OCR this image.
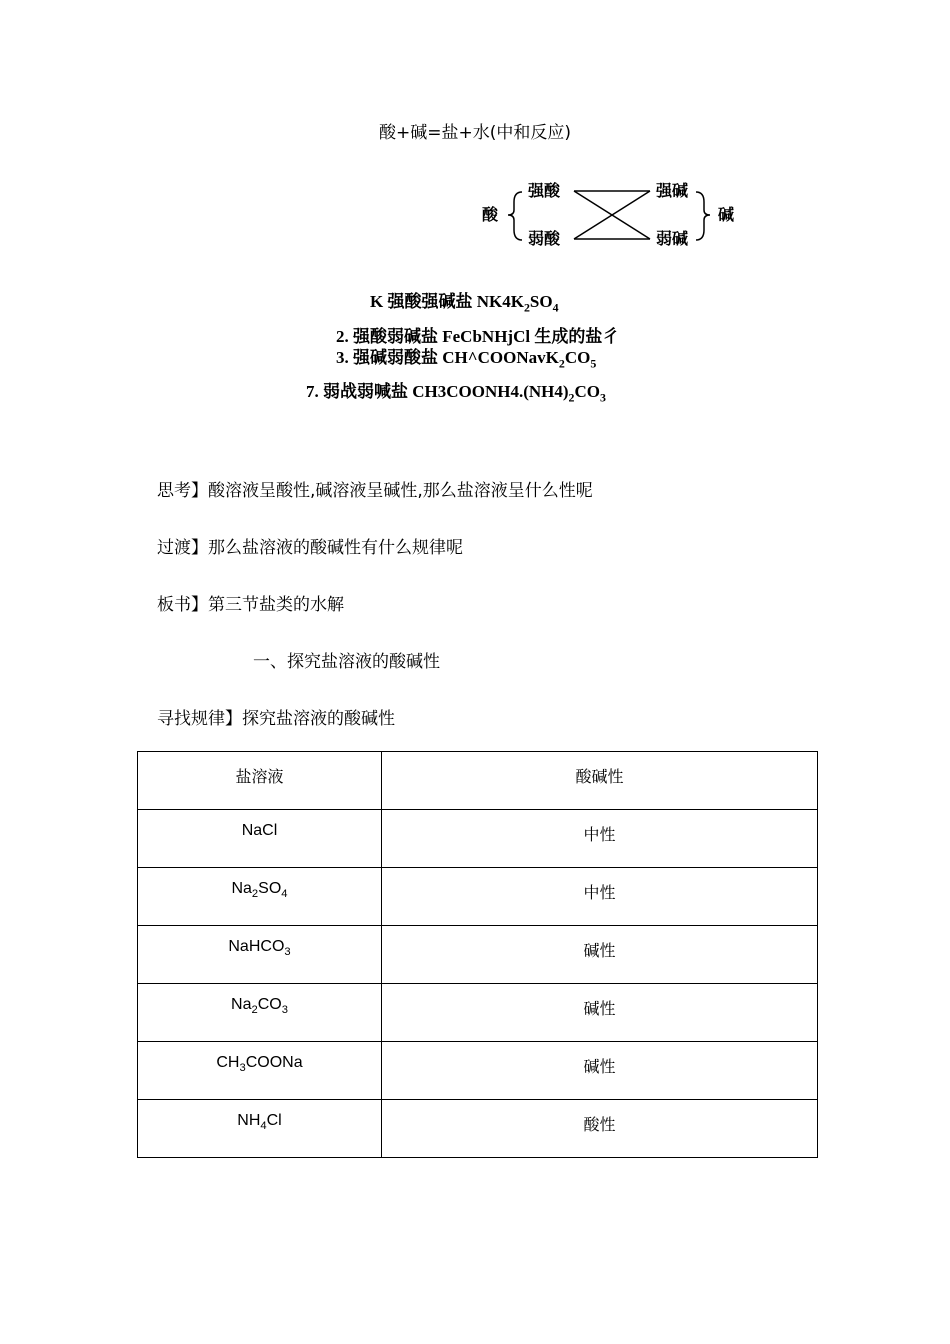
酸+碱=盐+水(中和反应)
酸
强酸
弱酸
强碱
弱碱
碱
K 强酸强碱盐 $NK4K_2SO_4$
2. 强酸弱碱盐 FeCbNHjCl 生成的盐彳
3. 强碱弱酸盐 $CH\^{}COONavK_2CO_5$
7. 弱战弱喊盐 $CH3COONH4.(NH4)_2CO_3$
思考】酸溶液呈酸性,碱溶液呈碱性,那么盐溶液呈什么性呢
过渡】那么盐溶液的酸碱性有什么规律呢
板书】第三节盐类的水解
一、探究盐溶液的酸碱性
寻找规律】探究盐溶液的酸碱性
盐溶液	酸碱性

NaCl	中性

$Na_2SO_4$	中性

NaHCO$_3$	碱性

$Na_2CO_3$	碱性

$CH_3COONa$	碱性

$NH_4Cl$	酸性
